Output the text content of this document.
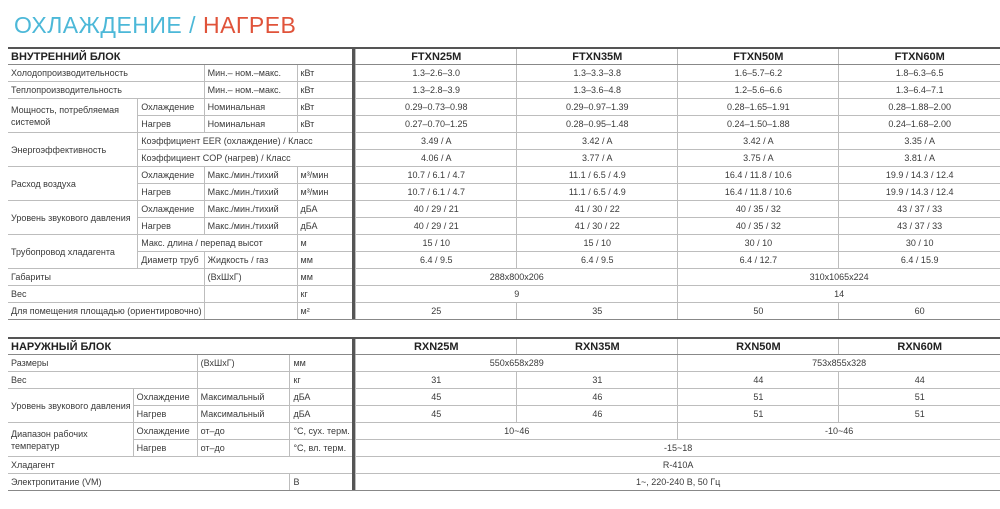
ОХЛАЖДЕНИЕ / НАГРЕВ
ВНУТРЕННИЙ БЛОК					FTXN25M	FTXN35M	FTXN50M	FTXN60M
Холодопроизводительность		Мин.– ном.–макс.	кВт		1.3–2.6–3.0	1.3–3.3–3.8	1.6–5.7–6.2	1.8–6.3–6.5
Теплопроизводительность		Мин.– ном.–макс.	кВт		1.3–2.8–3.9	1.3–3.6–4.8	1.2–5.6–6.6	1.3–6.4–7.1
Мощность, потребляемая системой	Охлаждение	Номинальная	кВт		0.29–0.73–0.98	0.29–0.97–1.39	0.28–1.65–1.91	0.28–1.88–2.00
	Нагрев	Номинальная	кВт		0.27–0.70–1.25	0.28–0.95–1.48	0.24–1.50–1.88	0.24–1.68–2.00
Энергоэффективность	Коэффициент EER (охлаждение) / Класс				3.49 / A	3.42 / A	3.42 / A	3.35 / A
	Коэффициент COP (нагрев) / Класс				4.06 / A	3.77 / A	3.75 / A	3.81 / A
Расход воздуха	Охлаждение	Макс./мин./тихий	м³/мин		10.7 / 6.1 / 4.7	11.1 / 6.5 / 4.9	16.4 / 11.8 / 10.6	19.9 / 14.3 / 12.4
	Нагрев	Макс./мин./тихий	м³/мин		10.7 / 6.1 / 4.7	11.1 / 6.5 / 4.9	16.4 / 11.8 / 10.6	19.9 / 14.3 / 12.4
Уровень звукового давления	Охлаждение	Макс./мин./тихий	дБА		40 / 29 / 21	41 / 30 / 22	40 / 35 / 32	43 / 37 / 33
	Нагрев	Макс./мин./тихий	дБА		40 / 29 / 21	41 / 30 / 22	40 / 35 / 32	43 / 37 / 33
Трубопровод хладагента	Макс. длина / перепад высот		м		15 / 10	15 / 10	30 / 10	30 / 10
	Диаметр труб	Жидкость / газ	мм		6.4 / 9.5	6.4 / 9.5	6.4 / 12.7	6.4 / 15.9
Габариты		(ВхШхГ)	мм		288x800x206		310x1065x224	
Вес			кг		9		14	
Для помещения площадью (ориентировочно)			м²		25	35	50	60
НАРУЖНЫЙ БЛОК					RXN25M	RXN35M	RXN50M	RXN60M
Размеры		(ВхШхГ)	мм		550x658x289		753x855x328	
Вес			кг		31	31	44	44
Уровень звукового давления	Охлаждение	Максимальный	дБА		45	46	51	51
	Нагрев	Максимальный	дБА		45	46	51	51
Диапазон рабочих температур	Охлаждение	от–до	°С, сух. терм.		10~46		-10~46	
	Нагрев	от–до	°С, вл. терм.		-15~18			
Хладагент					R-410A			
Электропитание (VM)			В		1~, 220-240 В, 50 Гц			
